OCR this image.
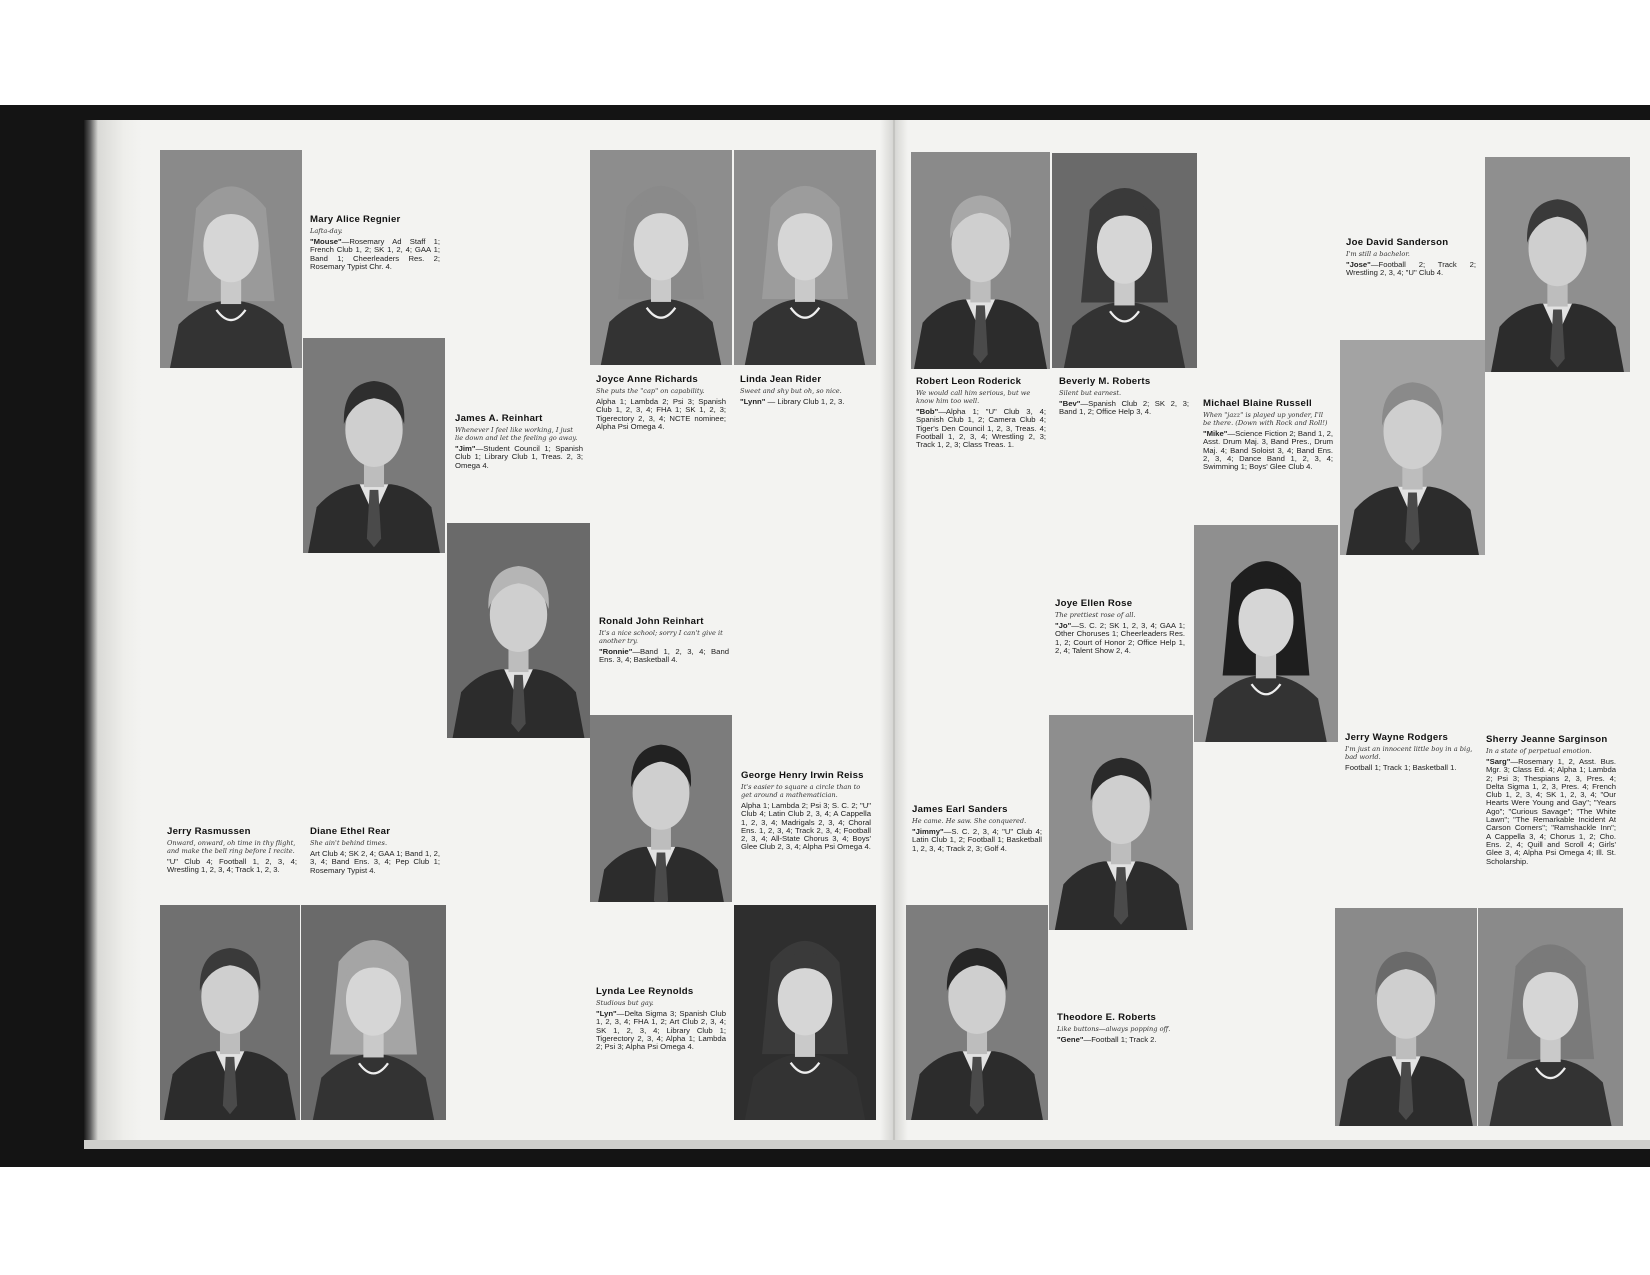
Mary Alice Regnier
Lafta-day.
"Mouse"—Rosemary Ad Staff 1; French Club 1, 2; SK 1, 2, 4; GAA 1; Band 1; Cheerleaders Res. 2; Rosemary Typist Chr. 4.
James A. Reinhart
Whenever I feel like working, I just lie down and let the feeling go away.
"Jim"—Student Council 1; Spanish Club 1; Library Club 1, Treas. 2, 3; Omega 4.
Ronald John Reinhart
It's a nice school; sorry I can't give it another try.
"Ronnie"—Band 1, 2, 3, 4; Band Ens. 3, 4; Basketball 4.
Jerry Rasmussen
Onward, onward, oh time in thy flight, and make the bell ring before I recite.
"U" Club 4; Football 1, 2, 3, 4; Wrestling 1, 2, 3, 4; Track 1, 2, 3.
Diane Ethel Rear
She ain't behind times.
Art Club 4; SK 2, 4; GAA 1; Band 1, 2, 3, 4; Band Ens. 3, 4; Pep Club 1; Rosemary Typist 4.
Joyce Anne Richards
She puts the "cap" on capability.
Alpha 1; Lambda 2; Psi 3; Spanish Club 1, 2, 3, 4; FHA 1; SK 1, 2, 3; Tigerectory 2, 3, 4; NCTE nominee; Alpha Psi Omega 4.
Linda Jean Rider
Sweet and shy but oh, so nice.
"Lynn" — Library Club 1, 2, 3.
George Henry Irwin Reiss
It's easier to square a circle than to get around a mathematician.
Alpha 1; Lambda 2; Psi 3; S. C. 2; "U" Club 4; Latin Club 2, 3, 4; A Cappella 1, 2, 3, 4; Madrigals 2, 3, 4; Choral Ens. 1, 2, 3, 4; Track 2, 3, 4; Football 2, 3, 4; All-State Chorus 3, 4; Boys' Glee Club 2, 3, 4; Alpha Psi Omega 4.
Lynda Lee Reynolds
Studious but gay.
"Lyn"—Delta Sigma 3; Spanish Club 1, 2, 3, 4; FHA 1, 2; Art Club 2, 3, 4; SK 1, 2, 3, 4; Library Club 1; Tigerectory 2, 3, 4; Alpha 1; Lambda 2; Psi 3; Alpha Psi Omega 4.
Robert Leon Roderick
We would call him serious, but we know him too well.
"Bob"—Alpha 1; "U" Club 3, 4; Spanish Club 1, 2; Camera Club 4; Tiger's Den Council 1, 2, 3, Treas. 4; Football 1, 2, 3, 4; Wrestling 2, 3; Track 1, 2, 3; Class Treas. 1.
Beverly M. Roberts
Silent but earnest.
"Bev"—Spanish Club 2; SK 2, 3; Band 1, 2; Office Help 3, 4.
Joye Ellen Rose
The prettiest rose of all.
"Jo"—S. C. 2; SK 1, 2, 3, 4; GAA 1; Other Choruses 1; Cheerleaders Res. 1, 2; Court of Honor 2; Office Help 1, 2, 4; Talent Show 2, 4.
James Earl Sanders
He came. He saw. She conquered.
"Jimmy"—S. C. 2, 3, 4; "U" Club 4; Latin Club 1, 2; Football 1; Basketball 1, 2, 3, 4; Track 2, 3; Golf 4.
Theodore E. Roberts
Like buttons—always popping off.
"Gene"—Football 1; Track 2.
Joe David Sanderson
I'm still a bachelor.
"Jose"—Football 2; Track 2; Wrestling 2, 3, 4; "U" Club 4.
Michael Blaine Russell
When "jazz" is played up yonder, I'll be there. (Down with Rock and Roll!)
"Mike"—Science Fiction 2; Band 1, 2, Asst. Drum Maj. 3, Band Pres., Drum Maj. 4; Band Soloist 3, 4; Band Ens. 2, 3, 4; Dance Band 1, 2, 3, 4; Swimming 1; Boys' Glee Club 4.
Jerry Wayne Rodgers
I'm just an innocent little boy in a big, bad world.
Football 1; Track 1; Basketball 1.
Sherry Jeanne Sarginson
In a state of perpetual emotion.
"Sarg"—Rosemary 1, 2, Asst. Bus. Mgr. 3; Class Ed. 4; Alpha 1; Lambda 2; Psi 3; Thespians 2, 3, Pres. 4; Delta Sigma 1, 2, 3, Pres. 4; French Club 1, 2, 3, 4; SK 1, 2, 3, 4; "Our Hearts Were Young and Gay"; "Years Ago"; "Curious Savage"; "The White Lawn"; "The Remarkable Incident At Carson Corners"; "Ramshackle Inn"; A Cappella 3, 4; Chorus 1, 2; Cho. Ens. 2, 4; Quill and Scroll 4; Girls' Glee 3, 4; Alpha Psi Omega 4; Ill. St. Scholarship.
